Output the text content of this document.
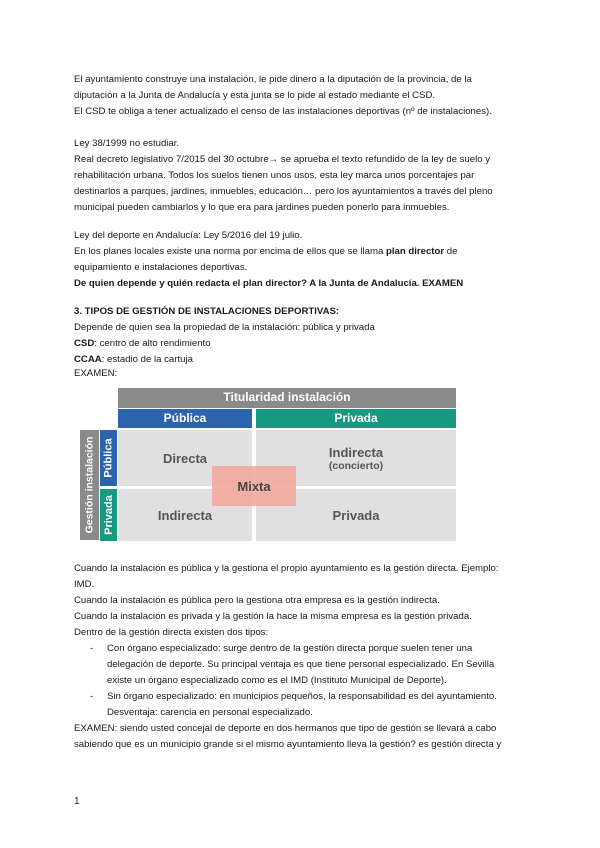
El ayuntamiento construye una instalación, le pide dinero a la diputación de la provincia, de la
diputación a la Junta de Andalucía y esta junta se lo pide al estado mediante el CSD.
El CSD te obliga a tener actualizado el censo de las instalaciones deportivas (nº de instalaciones).
Ley 38/1999 no estudiar.
Real decreto legislativo 7/2015 del 30 octubre→ se aprueba el texto refundido de la ley de suelo y
rehabilitación urbana. Todos los suelos tienen unos usos, esta ley marca unos porcentajes par
destinarlos a parques, jardines, inmuebles, educación… pero los ayuntamientos a través del pleno
municipal pueden cambiarlos y lo que era para jardines pueden ponerlo para inmuebles.
Ley del deporte en Andalucía: Ley 5/2016 del 19 julio.
En los planes locales existe una norma por encima de ellos que se llama plan director de
equipamiento e instalaciones deportivas.
De quien depende y quién redacta el plan director? A la Junta de Andalucía. EXAMEN
3. TIPOS DE GESTIÓN DE INSTALACIONES DEPORTIVAS:
Depende de quien sea la propiedad de la instalación: pública y privada
CSD: centro de alto rendimiento
CCAA: estadio de la cartuja
EXAMEN:
Titularidad instalación
Pública	Privada
Gestión instalación Pública
Privada
Directa	Indirecta
(concierto)
Indirecta	Privada
Mixta
Cuando la instalación es pública y la gestiona el propio ayuntamiento es la gestión directa. Ejemplo:
IMD.
Cuando la instalación es pública pero la gestiona otra empresa es la gestión indirecta.
Cuando la instalación es privada y la gestión la hace la misma empresa es la gestión privada.
Dentro de la gestión directa existen dos tipos:
- Con órgano especializado: surge dentro de la gestión directa porque suelen tener una
delegación de deporte. Su principal ventaja es que tiene personal especializado. En Sevilla
existe un órgano especializado como es el IMD (Instituto Municipal de Deporte).
- Sin órgano especializado: en municipios pequeños, la responsabilidad es del ayuntamiento.
Desventaja: carencia en personal especializado.
EXAMEN: siendo usted concejal de deporte en dos hermanos que tipo de gestión se llevará a cabo
sabiendo que es un municipio grande si el mismo ayuntamiento lleva la gestión? es gestión directa y
1
